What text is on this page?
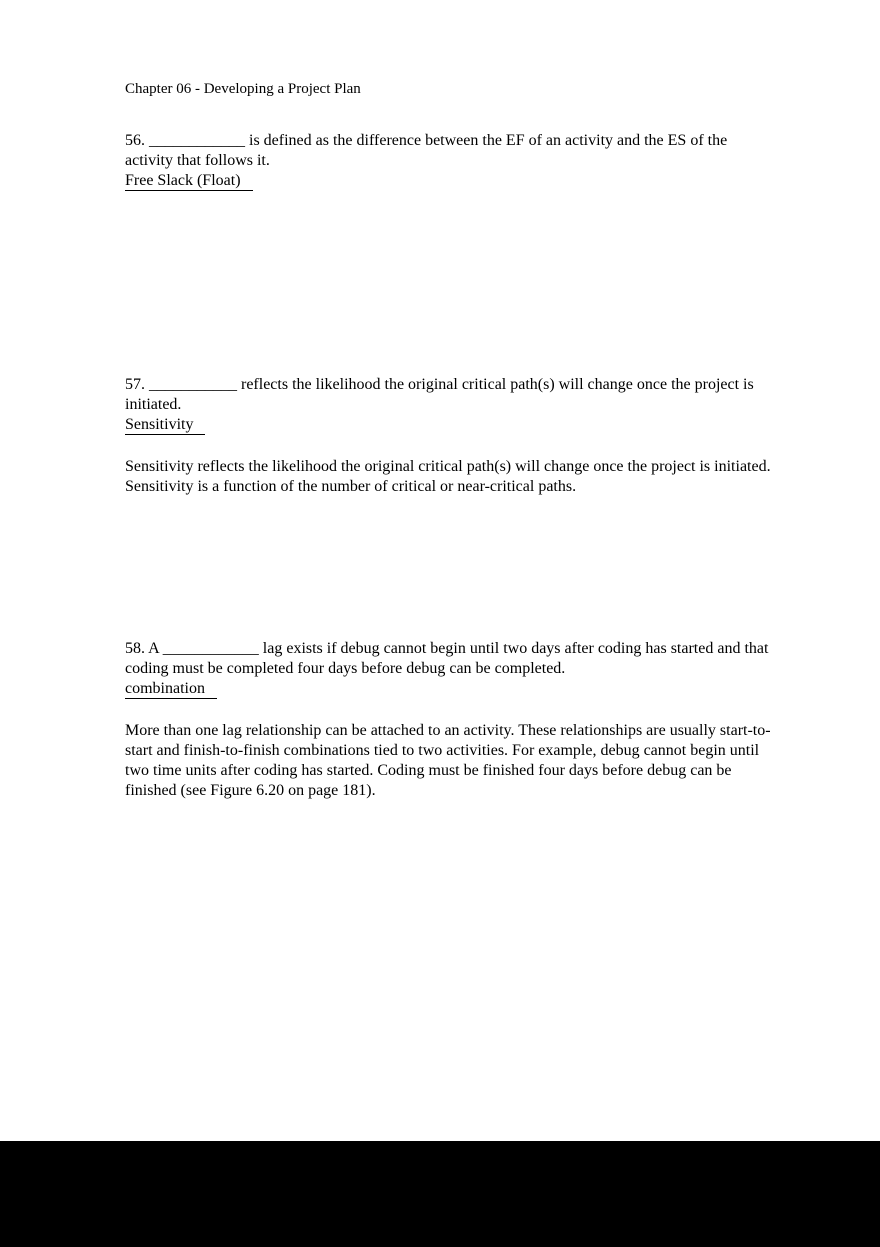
Chapter 06 - Developing a Project Plan
56. ____________ is defined as the difference between the EF of an activity and the ES of the activity that follows it.
Free Slack (Float)
57. ___________ reflects the likelihood the original critical path(s) will change once the project is initiated.
Sensitivity
Sensitivity reflects the likelihood the original critical path(s) will change once the project is initiated. Sensitivity is a function of the number of critical or near-critical paths.
58. A ____________ lag exists if debug cannot begin until two days after coding has started and that coding must be completed four days before debug can be completed.
combination
More than one lag relationship can be attached to an activity. These relationships are usually start-to-start and finish-to-finish combinations tied to two activities. For example, debug cannot begin until two time units after coding has started. Coding must be finished four days before debug can be finished (see Figure 6.20 on page 181).
